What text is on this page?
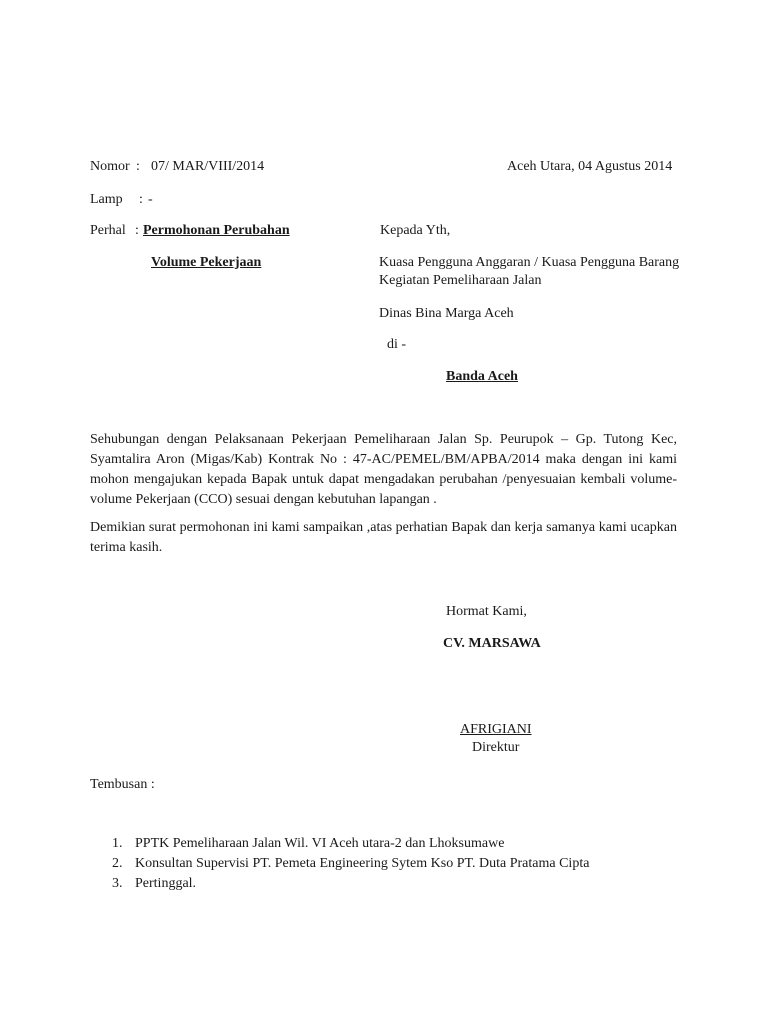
Nomor : 07/ MAR/VIII/2014	Aceh Utara, 04 Agustus 2014
Lamp : -
Perhal : Permohonan Perubahan
Volume Pekerjaan
Kepada Yth,
Kuasa Pengguna Anggaran / Kuasa Pengguna Barang
Kegiatan Pemeliharaan Jalan
Dinas Bina Marga Aceh
di -
Banda Aceh
Sehubungan dengan Pelaksanaan Pekerjaan Pemeliharaan Jalan Sp. Peurupok – Gp. Tutong Kec, Syamtalira Aron (Migas/Kab) Kontrak No : 47-AC/PEMEL/BM/APBA/2014 maka dengan ini kami mohon mengajukan kepada Bapak untuk dapat mengadakan perubahan /penyesuaian kembali volume-volume Pekerjaan (CCO) sesuai dengan kebutuhan lapangan .
Demikian surat permohonan ini kami sampaikan ,atas perhatian Bapak dan kerja samanya kami ucapkan terima kasih.
Hormat Kami,
CV. MARSAWA
AFRIGIANI
Direktur
Tembusan :
1. PPTK Pemeliharaan Jalan Wil. VI Aceh utara-2 dan Lhoksumawe
2. Konsultan Supervisi PT. Pemeta Engineering Sytem Kso PT. Duta Pratama Cipta
3. Pertinggal.
